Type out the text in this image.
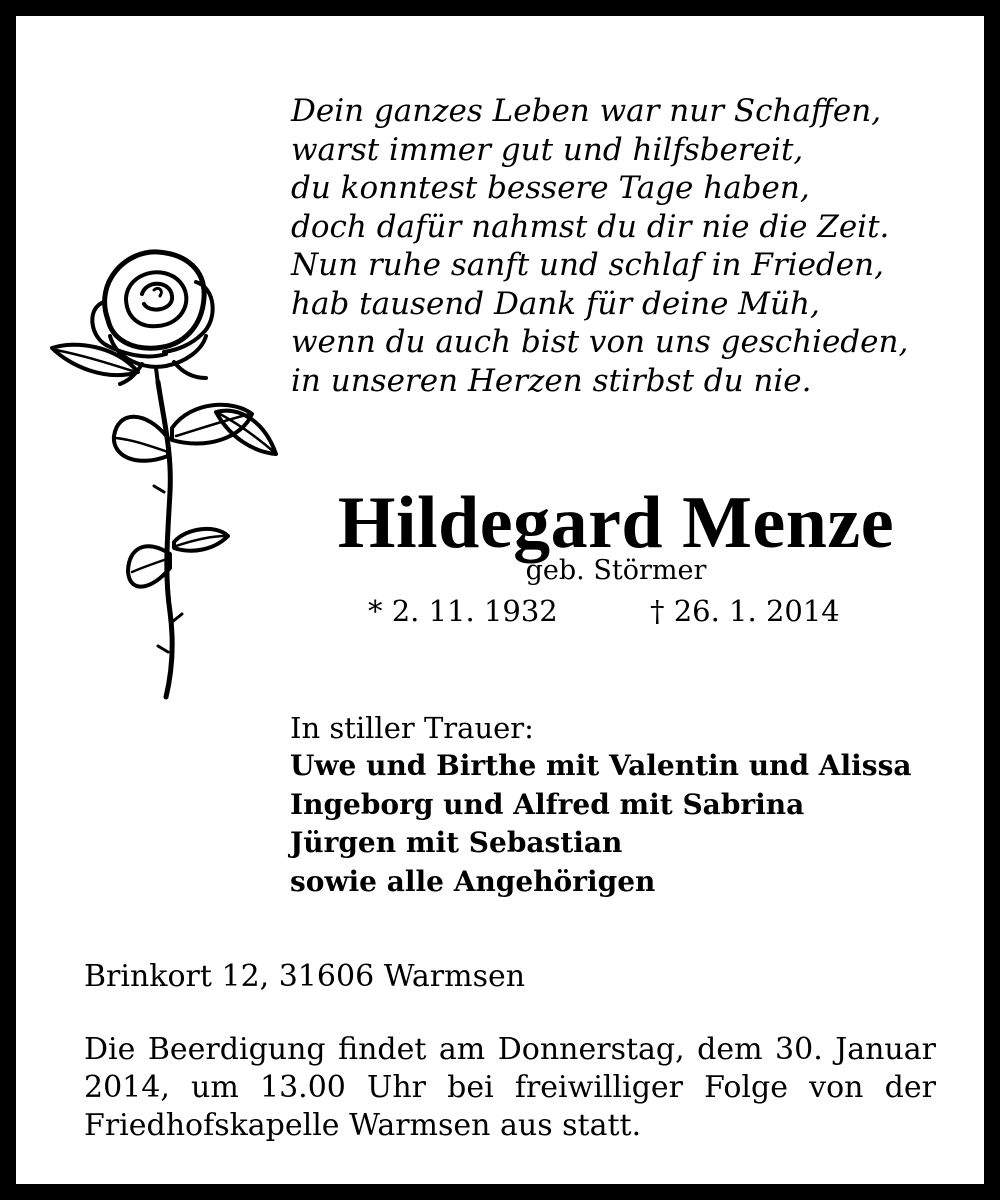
Dein ganzes Leben war nur Schaffen,
warst immer gut und hilfsbereit,
du konntest bessere Tage haben,
doch dafür nahmst du dir nie die Zeit.
Nun ruhe sanft und schlaf in Frieden,
hab tausend Dank für deine Müh,
wenn du auch bist von uns geschieden,
in unseren Herzen stirbst du nie.
Hildegard Menze
geb. Störmer
* 2. 11. 1932	† 26. 1. 2014
In stiller Trauer:
Uwe und Birthe mit Valentin und Alissa
Ingeborg und Alfred mit Sabrina
Jürgen mit Sebastian
sowie alle Angehörigen
Brinkort 12, 31606 Warmsen
Die Beerdigung findet am Donnerstag, dem 30. Januar
2014, um 13.00 Uhr bei freiwilliger Folge von der
Friedhofskapelle Warmsen aus statt.
